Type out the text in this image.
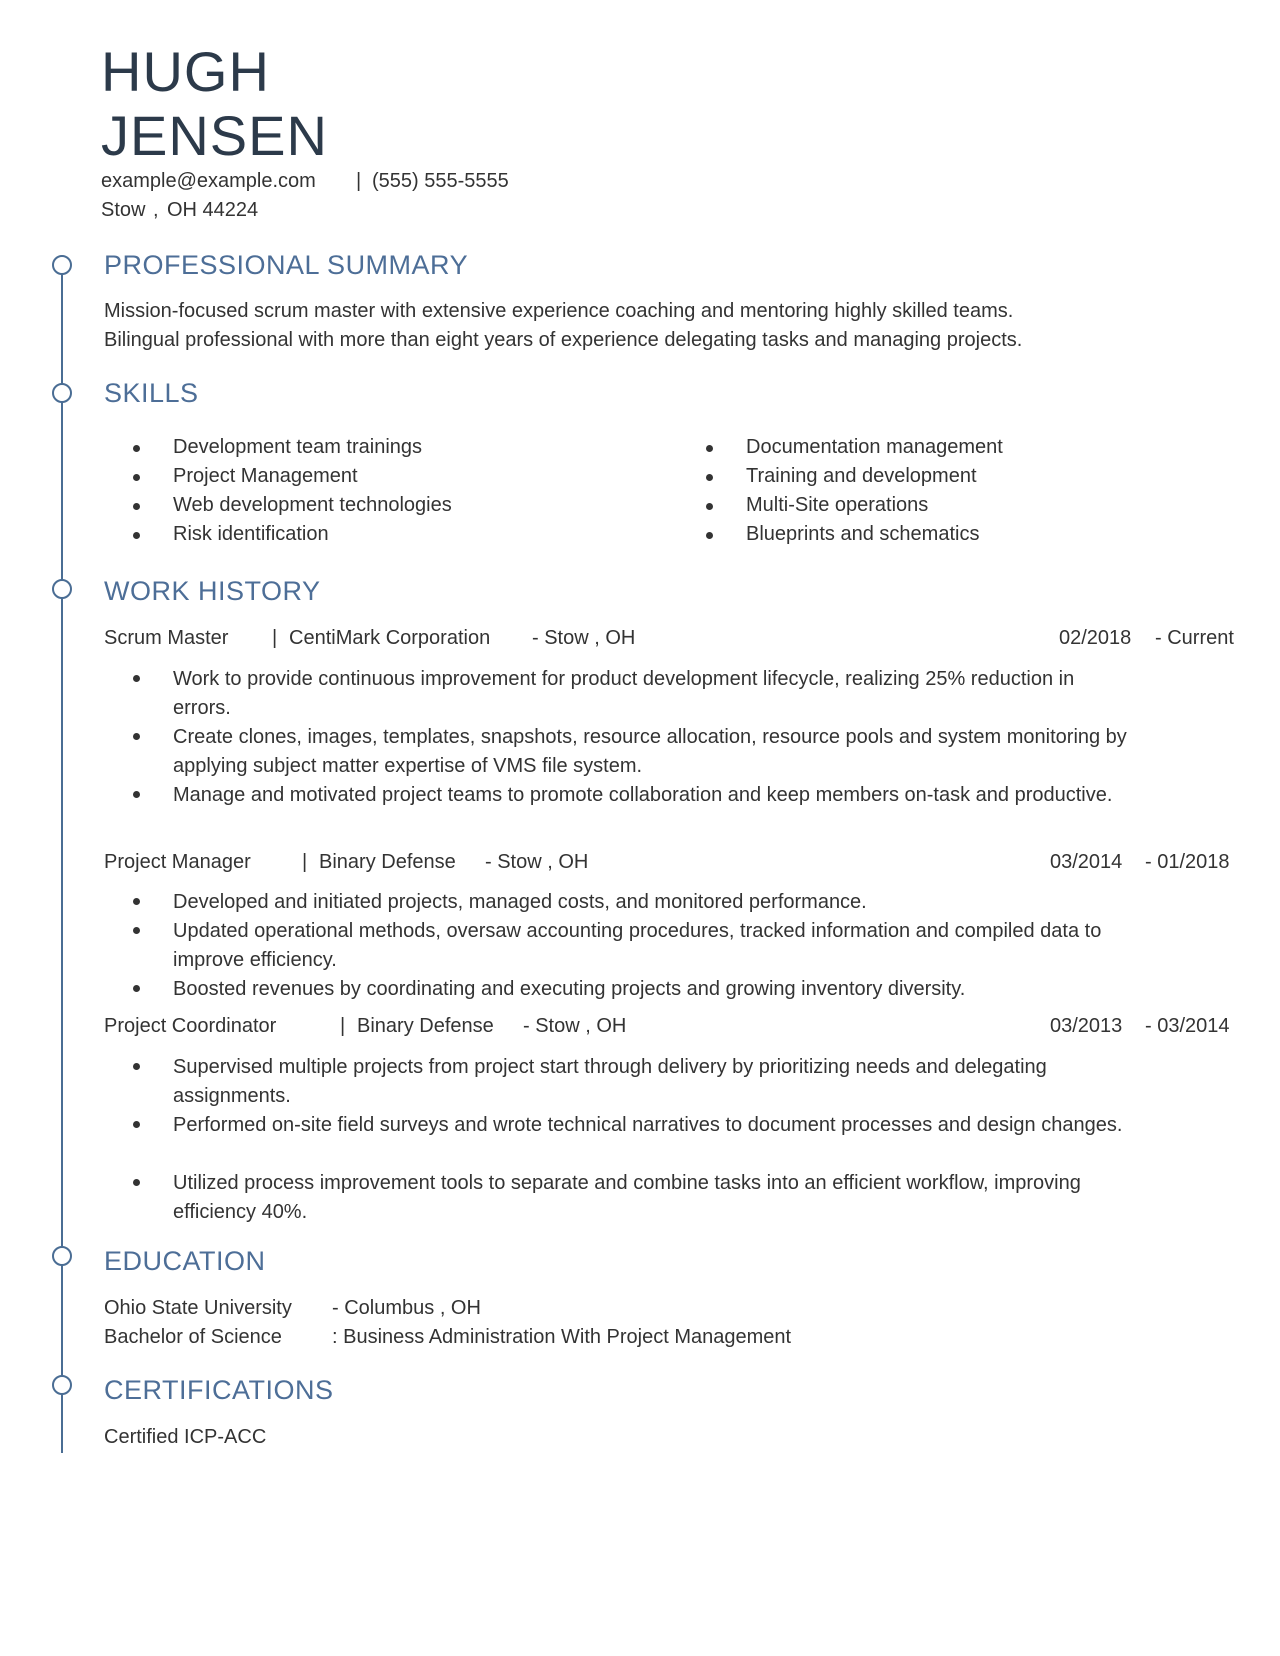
HUGH
JENSEN
example@example.com | (555) 555-5555
Stow , OH 44224
PROFESSIONAL SUMMARY
Mission-focused scrum master with extensive experience coaching and mentoring highly skilled teams.
Bilingual professional with more than eight years of experience delegating tasks and managing projects.
SKILLS
Development team trainings
Project Management
Web development technologies
Risk identification
Documentation management
Training and development
Multi-Site operations
Blueprints and schematics
WORK HISTORY
Scrum Master | CentiMark Corporation - Stow , OH	02/2018 - Current
Work to provide continuous improvement for product development lifecycle, realizing 25% reduction in errors.
Create clones, images, templates, snapshots, resource allocation, resource pools and system monitoring by applying subject matter expertise of VMS file system.
Manage and motivated project teams to promote collaboration and keep members on-task and productive.
Project Manager	| Binary Defense - Stow , OH	03/2014 - 01/2018
Developed and initiated projects, managed costs, and monitored performance.
Updated operational methods, oversaw accounting procedures, tracked information and compiled data to improve efficiency.
Boosted revenues by coordinating and executing projects and growing inventory diversity.
Project Coordinator	| Binary Defense - Stow , OH	03/2013 - 03/2014
Supervised multiple projects from project start through delivery by prioritizing needs and delegating assignments.
Performed on-site field surveys and wrote technical narratives to document processes and design changes.
Utilized process improvement tools to separate and combine tasks into an efficient workflow, improving efficiency 40%.
EDUCATION
Ohio State University - Columbus , OH
Bachelor of Science	: Business Administration With Project Management
CERTIFICATIONS
Certified ICP-ACC
